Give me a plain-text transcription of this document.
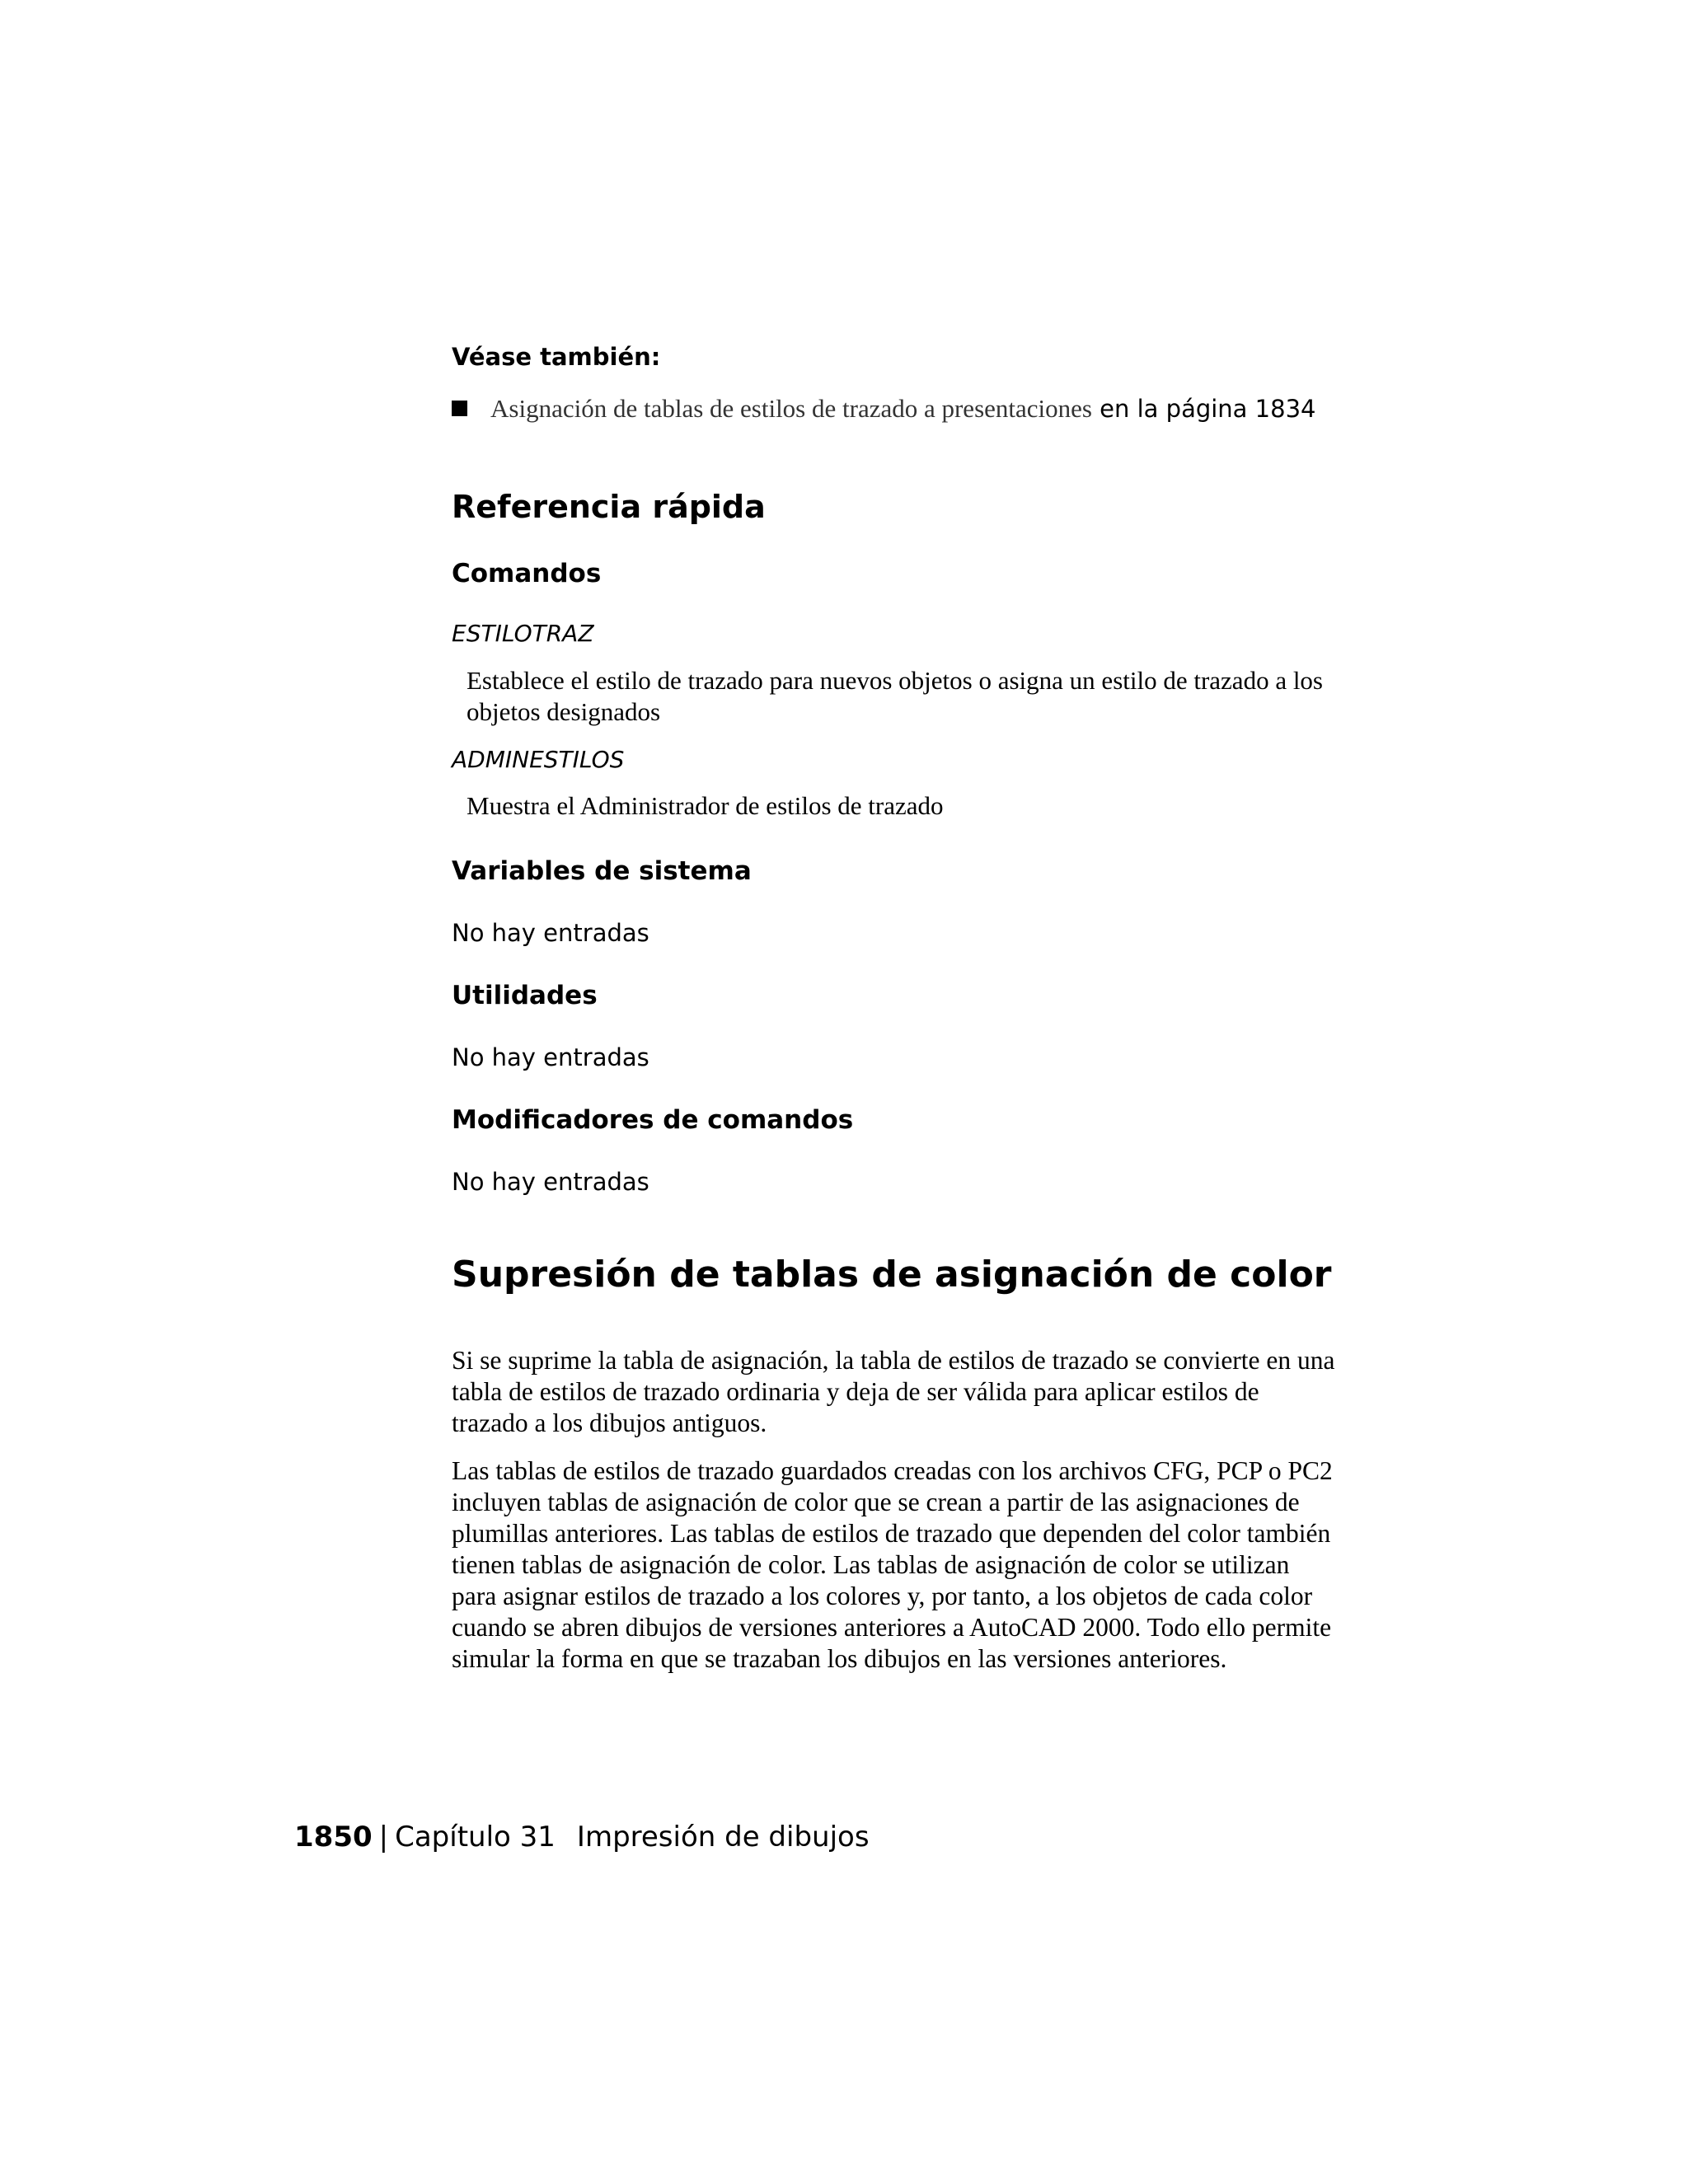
Véase también:

Asignación de tablas de estilos de trazado a presentaciones en la página 1834
Referencia rápida
Comandos

ESTILOTRAZ

Establece el estilo de trazado para nuevos objetos o asigna un estilo de trazado a los objetos designados

ADMINESTILOS

Muestra el Administrador de estilos de trazado

Variables de sistema

No hay entradas

Utilidades

No hay entradas

Modificadores de comandos

No hay entradas

Supresión de tablas de asignación de color

Si se suprime la tabla de asignación, la tabla de estilos de trazado se convierte en una tabla de estilos de trazado ordinaria y deja de ser válida para aplicar estilos de trazado a los dibujos antiguos.

Las tablas de estilos de trazado guardados creadas con los archivos CFG, PCP o PC2 incluyen tablas de asignación de color que se crean a partir de las asignaciones de plumillas anteriores. Las tablas de estilos de trazado que dependen del color también tienen tablas de asignación de color. Las tablas de asignación de color se utilizan para asignar estilos de trazado a los colores y, por tanto, a los objetos de cada color cuando se abren dibujos de versiones anteriores a AutoCAD 2000. Todo ello permite simular la forma en que se trazaban los dibujos en las versiones anteriores.

1850 | Capítulo 31 Impresión de dibujos
